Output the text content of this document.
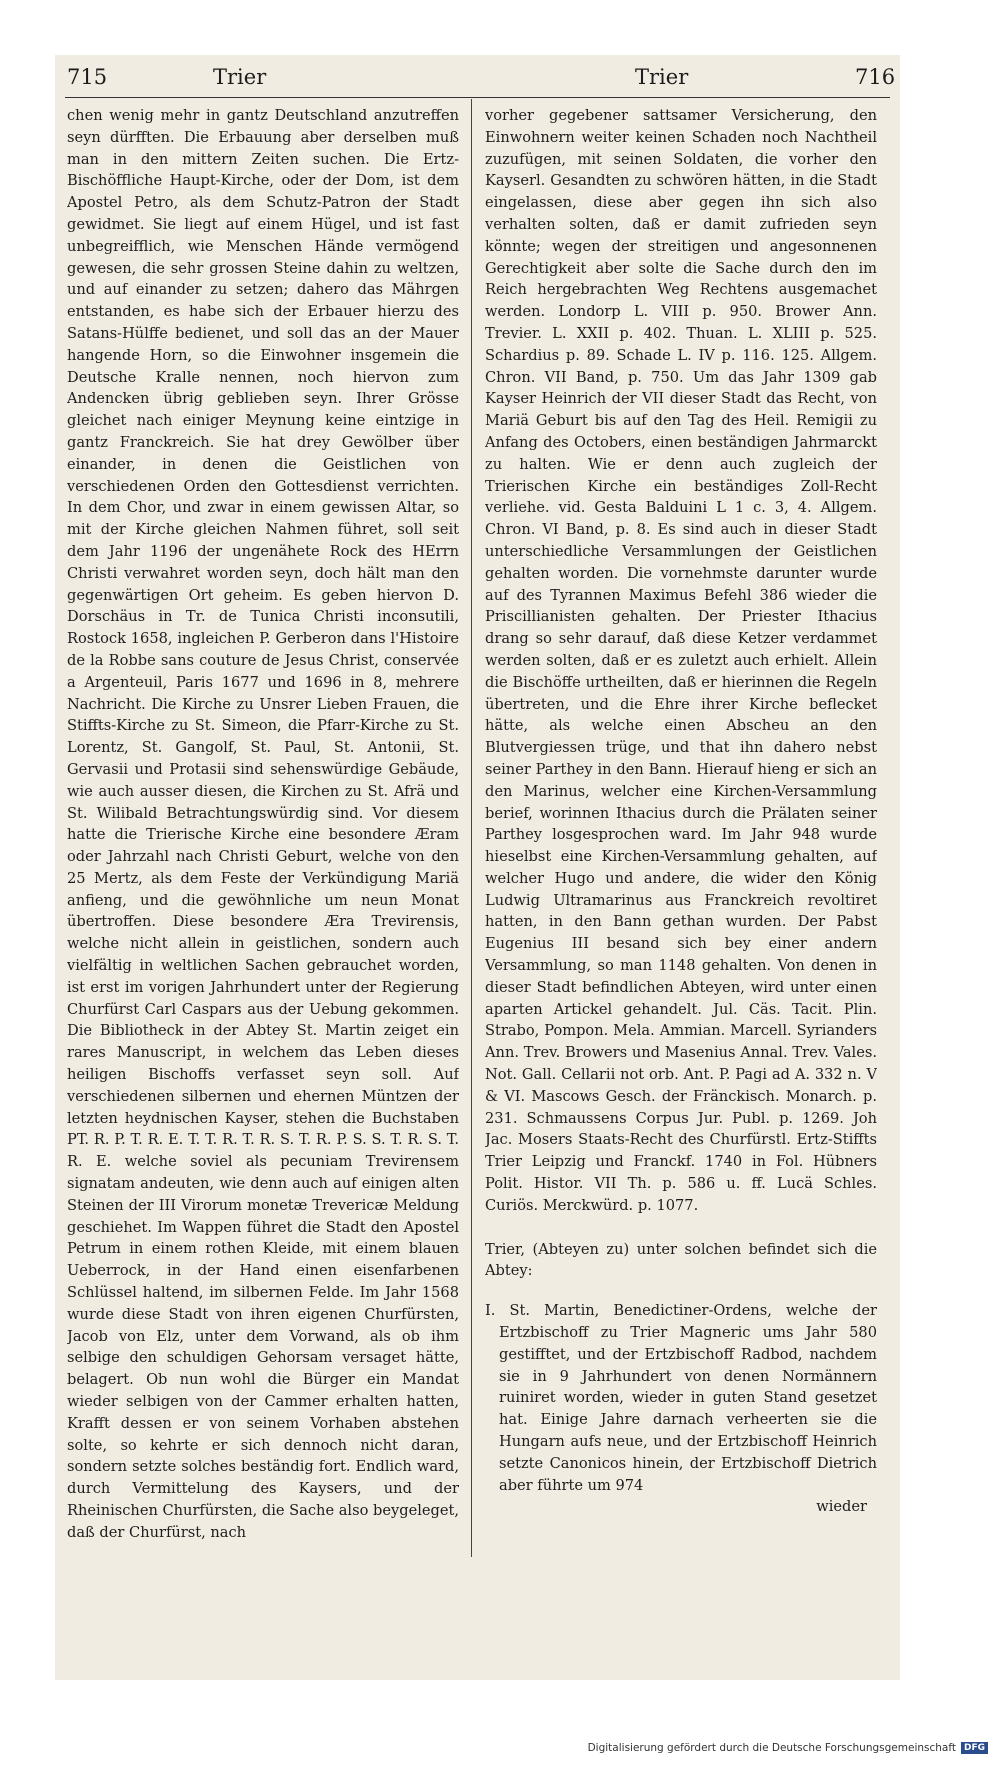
715	Trier	Trier	716

chen wenig mehr in gantz Deutschland anzutreffen seyn dürfften. Die Erbauung aber derselben muß man in den mittern Zeiten suchen. Die Ertz-Bischöffliche Haupt-Kirche, oder der Dom, ist dem Apostel Petro, als dem Schutz-Patron der Stadt gewidmet. Sie liegt auf einem Hügel, und ist fast unbegreifflich, wie Menschen Hände vermögend gewesen, die sehr grossen Steine dahin zu weltzen, und auf einander zu setzen; dahero das Mährgen entstanden, es habe sich der Erbauer hierzu des Satans-Hülffe bedienet, und soll das an der Mauer hangende Horn, so die Einwohner insgemein die Deutsche Kralle nennen, noch hiervon zum Andencken übrig geblieben seyn. Ihrer Grösse gleichet nach einiger Meynung keine eintzige in gantz Franckreich. Sie hat drey Gewölber über einander, in denen die Geistlichen von verschiedenen Orden den Gottesdienst verrichten. In dem Chor, und zwar in einem gewissen Altar, so mit der Kirche gleichen Nahmen führet, soll seit dem Jahr 1196 der ungenähete Rock des HErrn Christi verwahret worden seyn, doch hält man den gegenwärtigen Ort geheim. Es geben hiervon D. Dorschäus in Tr. de Tunica Christi inconsutili, Rostock 1658, ingleichen P. Gerberon dans l'Histoire de la Robbe sans couture de Jesus Christ, conservée a Argenteuil, Paris 1677 und 1696 in 8, mehrere Nachricht. Die Kirche zu Unsrer Lieben Frauen, die Stiffts-Kirche zu St. Simeon, die Pfarr-Kirche zu St. Lorentz, St. Gangolf, St. Paul, St. Antonii, St. Gervasii und Protasii sind sehenswürdige Gebäude, wie auch ausser diesen, die Kirchen zu St. Afrä und St. Wilibald Betrachtungswürdig sind. Vor diesem hatte die Trierische Kirche eine besondere Æram oder Jahrzahl nach Christi Geburt, welche von den 25 Mertz, als dem Feste der Verkündigung Mariä anfieng, und die gewöhnliche um neun Monat übertroffen. Diese besondere Æra Trevirensis, welche nicht allein in geistlichen, sondern auch vielfältig in weltlichen Sachen gebrauchet worden, ist erst im vorigen Jahrhundert unter der Regierung Churfürst Carl Caspars aus der Uebung gekommen. Die Bibliotheck in der Abtey St. Martin zeiget ein rares Manuscript, in welchem das Leben dieses heiligen Bischoffs verfasset seyn soll. Auf verschiedenen silbernen und ehernen Müntzen der letzten heydnischen Kayser, stehen die Buchstaben PT. R. P. T. R. E. T. T. R. T. R. S. T. R. P. S. S. T. R. S. T. R. E. welche soviel als pecuniam Trevirensem signatam andeuten, wie denn auch auf einigen alten Steinen der III Virorum monetæ Trevericæ Meldung geschiehet. Im Wappen führet die Stadt den Apostel Petrum in einem rothen Kleide, mit einem blauen Ueberrock, in der Hand einen eisenfarbenen Schlüssel haltend, im silbernen Felde. Im Jahr 1568 wurde diese Stadt von ihren eigenen Churfürsten, Jacob von Elz, unter dem Vorwand, als ob ihm selbige den schuldigen Gehorsam versaget hätte, belagert. Ob nun wohl die Bürger ein Mandat wieder selbigen von der Cammer erhalten hatten, Krafft dessen er von seinem Vorhaben abstehen solte, so kehrte er sich dennoch nicht daran, sondern setzte solches beständig fort. Endlich ward, durch Vermittelung des Kaysers, und der Rheinischen Churfürsten, die Sache also beygeleget, daß der Churfürst, nach

vorher gegebener sattsamer Versicherung, den Einwohnern weiter keinen Schaden noch Nachtheil zuzufügen, mit seinen Soldaten, die vorher den Kayserl. Gesandten zu schwören hätten, in die Stadt eingelassen, diese aber gegen ihn sich also verhalten solten, daß er damit zufrieden seyn könnte; wegen der streitigen und angesonnenen Gerechtigkeit aber solte die Sache durch den im Reich hergebrachten Weg Rechtens ausgemachet werden. Londorp L. VIII p. 950. Brower Ann. Trevier. L. XXII p. 402. Thuan. L. XLIII p. 525. Schardius p. 89. Schade L. IV p. 116. 125. Allgem. Chron. VII Band, p. 750. Um das Jahr 1309 gab Kayser Heinrich der VII dieser Stadt das Recht, von Mariä Geburt bis auf den Tag des Heil. Remigii zu Anfang des Octobers, einen beständigen Jahrmarckt zu halten. Wie er denn auch zugleich der Trierischen Kirche ein beständiges Zoll-Recht verliehe. vid. Gesta Balduini L 1 c. 3, 4. Allgem. Chron. VI Band, p. 8. Es sind auch in dieser Stadt unterschiedliche Versammlungen der Geistlichen gehalten worden. Die vornehmste darunter wurde auf des Tyrannen Maximus Befehl 386 wieder die Priscillianisten gehalten. Der Priester Ithacius drang so sehr darauf, daß diese Ketzer verdammet werden solten, daß er es zuletzt auch erhielt. Allein die Bischöffe urtheilten, daß er hierinnen die Regeln übertreten, und die Ehre ihrer Kirche beflecket hätte, als welche einen Abscheu an den Blutvergiessen trüge, und that ihn dahero nebst seiner Parthey in den Bann. Hierauf hieng er sich an den Marinus, welcher eine Kirchen-Versammlung berief, worinnen Ithacius durch die Prälaten seiner Parthey losgesprochen ward. Im Jahr 948 wurde hieselbst eine Kirchen-Versammlung gehalten, auf welcher Hugo und andere, die wider den König Ludwig Ultramarinus aus Franckreich revoltiret hatten, in den Bann gethan wurden. Der Pabst Eugenius III besand sich bey einer andern Versammlung, so man 1148 gehalten. Von denen in dieser Stadt befindlichen Abteyen, wird unter einen aparten Artickel gehandelt. Jul. Cäs. Tacit. Plin. Strabo, Pompon. Mela. Ammian. Marcell. Syrianders Ann. Trev. Browers und Masenius Annal. Trev. Vales. Not. Gall. Cellarii not orb. Ant. P. Pagi ad A. 332 n. V & VI. Mascows Gesch. der Fränckisch. Monarch. p. 231. Schmaussens Corpus Jur. Publ. p. 1269. Joh Jac. Mosers Staats-Recht des Churfürstl. Ertz-Stiffts Trier Leipzig und Franckf. 1740 in Fol. Hübners Polit. Histor. VII Th. p. 586 u. ff. Lucä Schles. Curiös. Merckwürd. p. 1077.

Trier, (Abteyen zu) unter solchen befindet sich die Abtey:

I. St. Martin, Benedictiner-Ordens, welche der Ertzbischoff zu Trier Magneric ums Jahr 580 gestifftet, und der Ertzbischoff Radbod, nachdem sie in 9 Jahrhundert von denen Normännern ruiniret worden, wieder in guten Stand gesetzet hat. Einige Jahre darnach verheerten sie die Hungarn aufs neue, und der Ertzbischoff Heinrich setzte Canonicos hinein, der Ertzbischoff Dietrich aber führte um 974

wieder

Digitalisierung gefördert durch die Deutsche Forschungsgemeinschaft DFG
